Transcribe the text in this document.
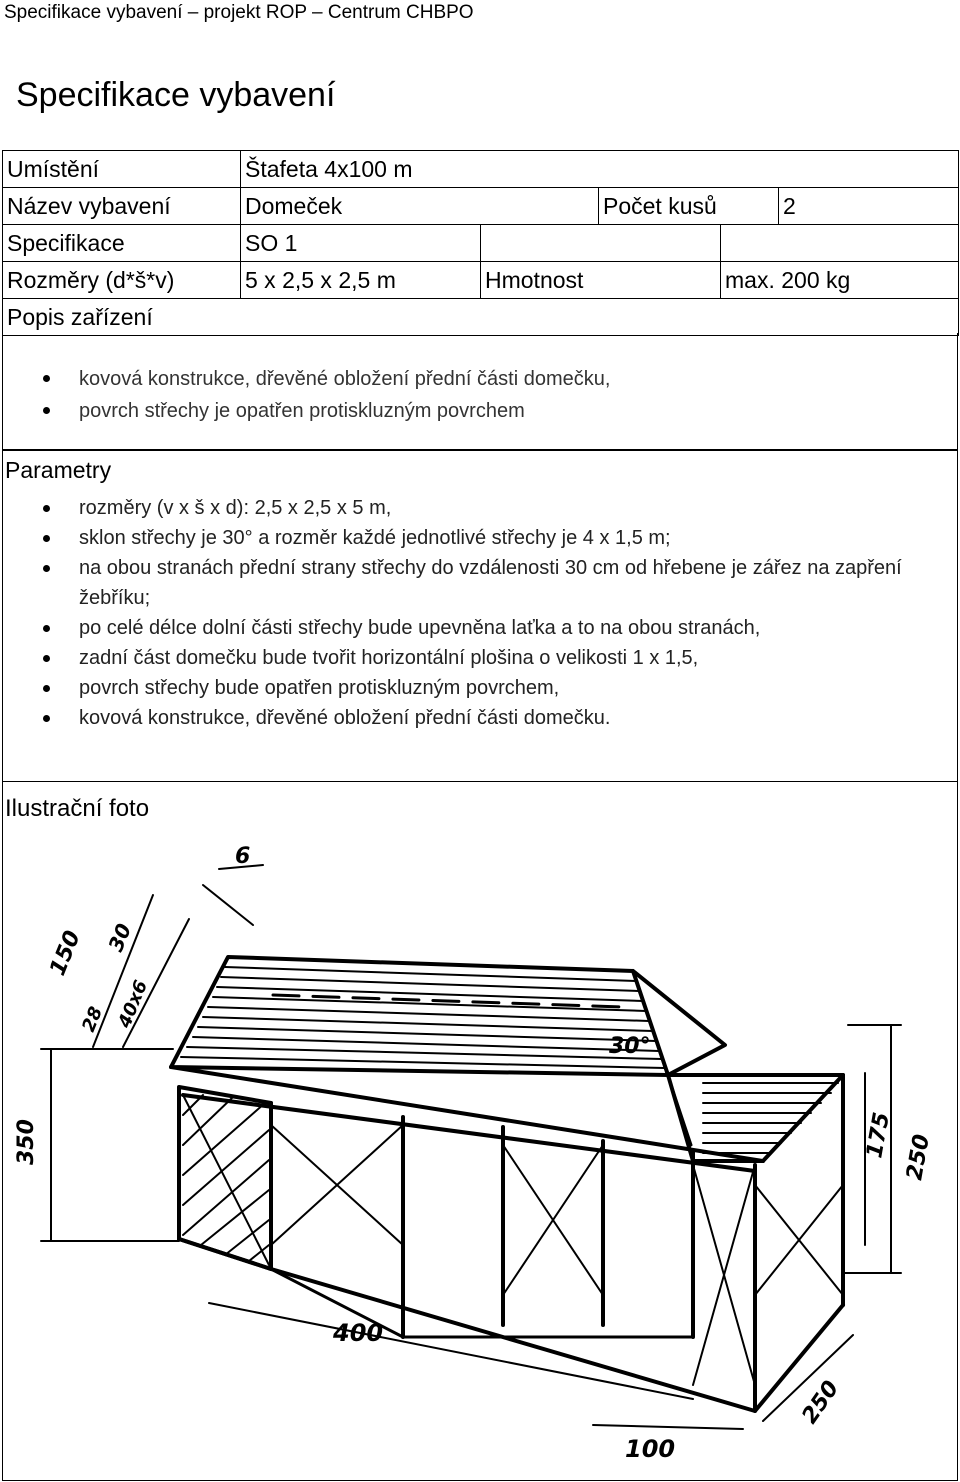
Specifikace vybavení – projekt ROP – Centrum CHBPO
Specifikace vybavení
Umístění	Štafeta 4x100 m				
Název vybavení	Domeček		Počet kusů		2
Specifikace	SO 1				
Rozměry (d*š*v)	5 x 2,5 x 2,5 m	Hmotnost		max. 200 kg	
Popis zařízení					
kovová konstrukce, dřevěné obložení přední části domečku,
povrch střechy je opatřen protiskluzným povrchem
Parametry
rozměry (v x š x d): 2,5 x 2,5 x 5 m,
sklon střechy je 30° a rozměr každé jednotlivé střechy je 4 x 1,5 m;
na obou stranách přední strany střechy do vzdálenosti 30 cm od hřebene je zářez na zapření žebříku;
po celé délce dolní části střechy bude upevněna laťka a to na obou stranách,
zadní část domečku bude tvořit horizontální plošina o velikosti 1 x 1,5,
povrch střechy bude opatřen protiskluzným povrchem,
kovová konstrukce, dřevěné obložení přední části domečku.
Ilustrační foto
6
150 30
40x6
28
350
30°
175 250
400
250
100
